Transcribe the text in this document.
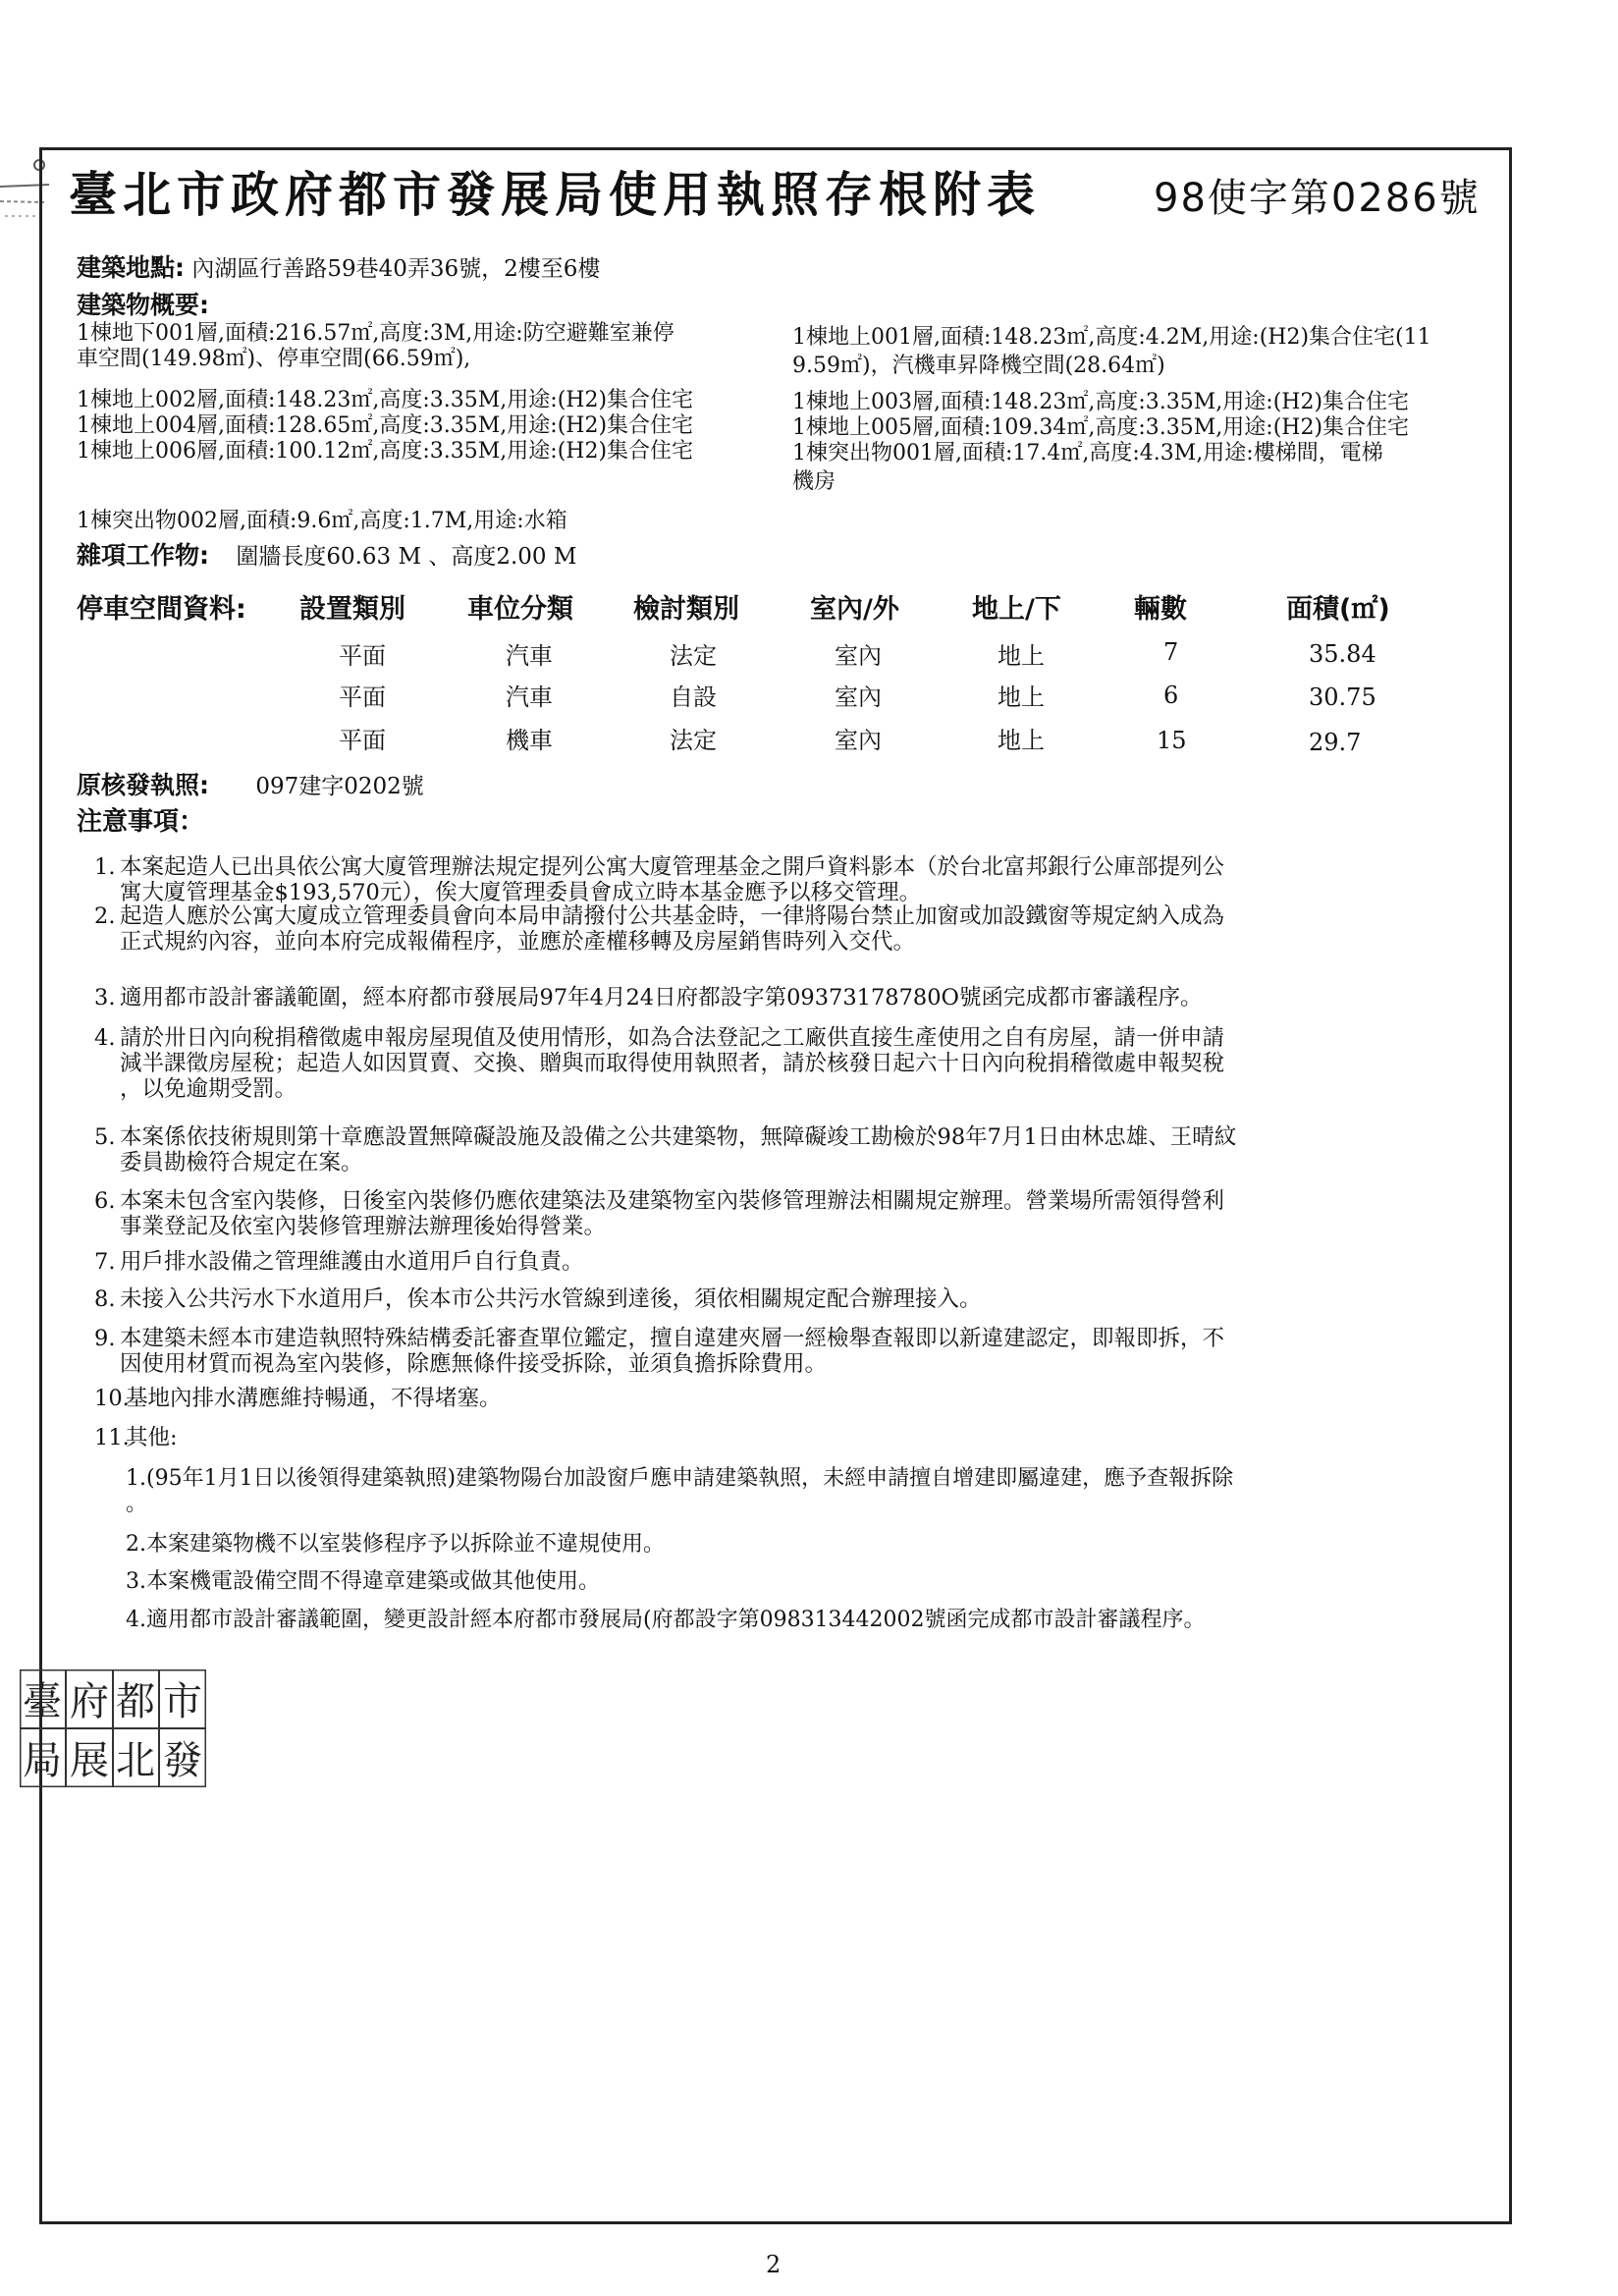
臺北市政府都市發展局使用執照存根附表	98使字第0286號
建築地點: 內湖區行善路59巷40弄36號，2樓至6樓
建築物概要:
1棟地下001層,面積:216.57㎡,高度:3M,用途:防空避難室兼停
車空間(149.98㎡)、停車空間(66.59㎡),
1棟地上002層,面積:148.23㎡,高度:3.35M,用途:(H2)集合住宅
1棟地上004層,面積:128.65㎡,高度:3.35M,用途:(H2)集合住宅
1棟地上006層,面積:100.12㎡,高度:3.35M,用途:(H2)集合住宅
1棟地上001層,面積:148.23㎡,高度:4.2M,用途:(H2)集合住宅(11
9.59㎡)，汽機車昇降機空間(28.64㎡)
1棟地上003層,面積:148.23㎡,高度:3.35M,用途:(H2)集合住宅
1棟地上005層,面積:109.34㎡,高度:3.35M,用途:(H2)集合住宅
1棟突出物001層,面積:17.4㎡,高度:4.3M,用途:樓梯間，電梯
機房
1棟突出物002層,面積:9.6㎡,高度:1.7M,用途:水箱
雜項工作物: 圍牆長度60.63 M 、高度2.00 M
停車空間資料: 設置類別 車位分類 檢討類別	室內/外	地上/下	輛數	面積(㎡)
平面	汽車	法定	室內	地上	7	35.84
平面	汽車	自設	室內	地上	6	30.75
平面	機車	法定	室內	地上	15	29.7
原核發執照: 097建字0202號
注意事項：
1. 本案起造人已出具依公寓大廈管理辦法規定提列公寓大廈管理基金之開戶資料影本（於台北富邦銀行公庫部提列公
寓大廈管理基金$193,570元），俟大廈管理委員會成立時本基金應予以移交管理。
2. 起造人應於公寓大廈成立管理委員會向本局申請撥付公共基金時，一律將陽台禁止加窗或加設鐵窗等規定納入成為
正式規約內容，並向本府完成報備程序，並應於產權移轉及房屋銷售時列入交代。
3. 適用都市設計審議範圍，經本府都市發展局97年4月24日府都設字第09373178780O號函完成都市審議程序。
4. 請於卅日內向稅捐稽徵處申報房屋現值及使用情形，如為合法登記之工廠供直接生產使用之自有房屋，請一併申請
減半課徵房屋稅；起造人如因買賣、交換、贈與而取得使用執照者，請於核發日起六十日內向稅捐稽徵處申報契稅
，以免逾期受罰。
5. 本案係依技術規則第十章應設置無障礙設施及設備之公共建築物，無障礙竣工勘檢於98年7月1日由林忠雄、王晴紋
委員勘檢符合規定在案。
6. 本案未包含室內裝修，日後室內裝修仍應依建築法及建築物室內裝修管理辦法相關規定辦理。營業場所需領得營利
事業登記及依室內裝修管理辦法辦理後始得營業。
7. 用戶排水設備之管理維護由水道用戶自行負責。
8. 未接入公共污水下水道用戶，俟本市公共污水管線到達後，須依相關規定配合辦理接入。
9. 本建築未經本市建造執照特殊結構委託審查單位鑑定，擅自違建夾層一經檢舉查報即以新違建認定，即報即拆，不
因使用材質而視為室內裝修，除應無條件接受拆除，並須負擔拆除費用。
10.
基地內排水溝應維持暢通，不得堵塞。
11.
其他:
1.(95年1月1日以後領得建築執照)建築物陽台加設窗戶應申請建築執照，未經申請擅自增建即屬違建，應予查報拆除
。
2.本案建築物機不以室裝修程序予以拆除並不違規使用。
3.本案機電設備空間不得違章建築或做其他使用。
4.適用都市設計審議範圍，變更設計經本府都市發展局(府都設字第098313442002號函完成都市設計審議程序。
市
都
府
發
北
展
臺
局
2
